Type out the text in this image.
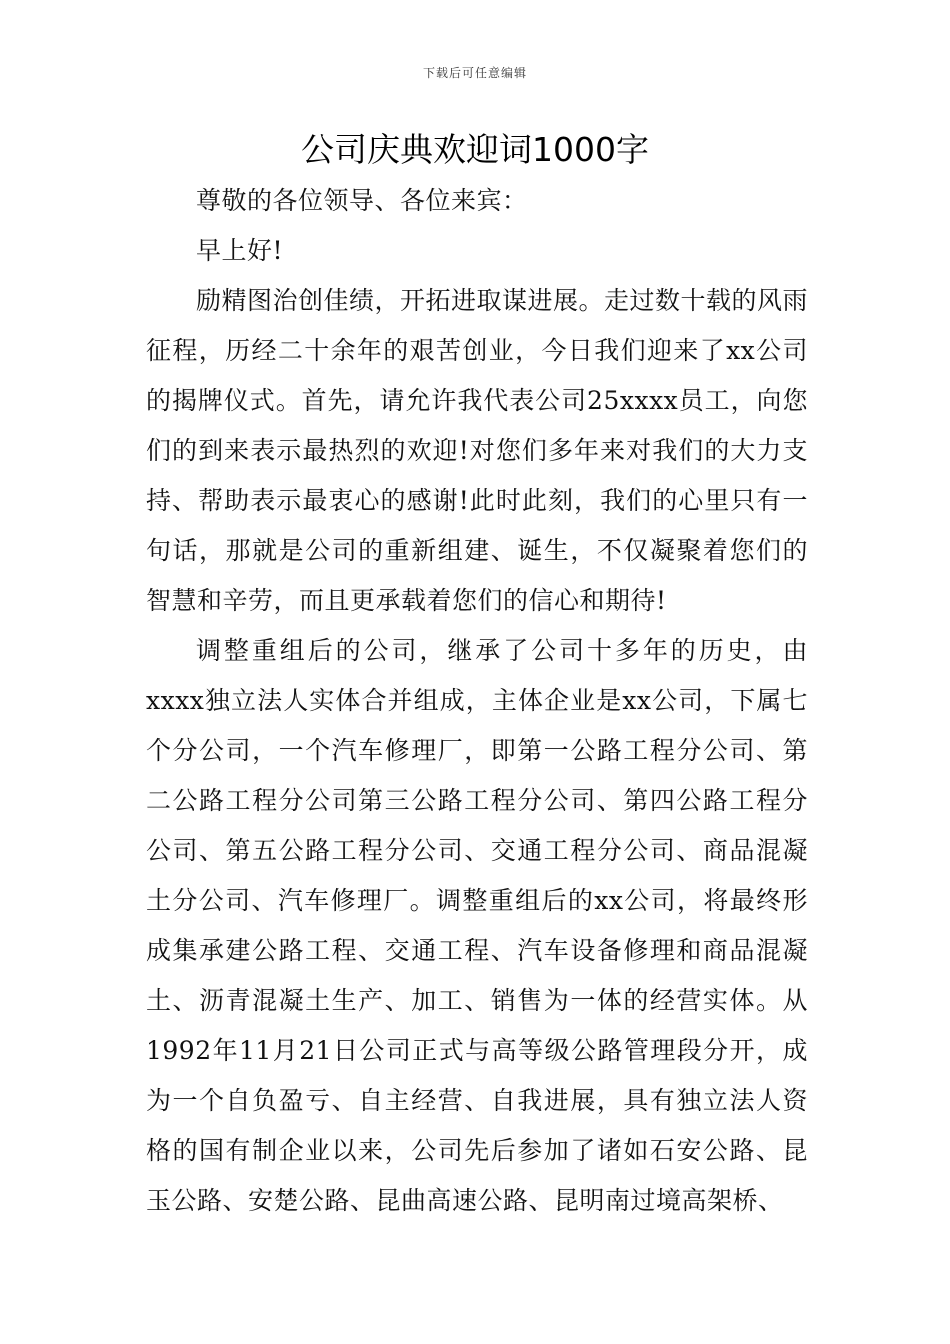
下载后可任意编辑
公司庆典欢迎词1000字

尊敬的各位领导、各位来宾：

早上好!

励精图治创佳绩，开拓进取谋进展。走过数十载的风雨征程，历经二十余年的艰苦创业，今日我们迎来了xx公司的揭牌仪式。首先，请允许我代表公司25xxxx员工，向您们的到来表示最热烈的欢迎!对您们多年来对我们的大力支持、帮助表示最衷心的感谢!此时此刻，我们的心里只有一句话，那就是公司的重新组建、诞生，不仅凝聚着您们的智慧和辛劳，而且更承载着您们的信心和期待!

调整重组后的公司，继承了公司十多年的历史，由xxxx独立法人实体合并组成，主体企业是xx公司，下属七个分公司，一个汽车修理厂，即第一公路工程分公司、第二公路工程分公司第三公路工程分公司、第四公路工程分公司、第五公路工程分公司、交通工程分公司、商品混凝土分公司、汽车修理厂。调整重组后的xx公司，将最终形成集承建公路工程、交通工程、汽车设备修理和商品混凝土、沥青混凝土生产、加工、销售为一体的经营实体。从1992年11月21日公司正式与高等级公路管理段分开，成为一个自负盈亏、自主经营、自我进展，具有独立法人资格的国有制企业以来，公司先后参加了诸如石安公路、昆玉公路、安楚公路、昆曲高速公路、昆明南过境高架桥、
